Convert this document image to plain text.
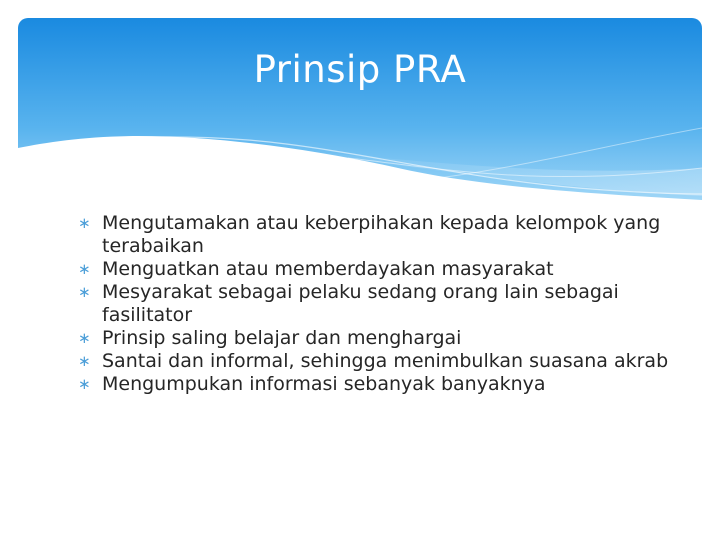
Prinsip PRA
∗ Mengutamakan atau keberpihakan kepada kelompok yang terabaikan
∗ Menguatkan atau memberdayakan masyarakat
∗ Mesyarakat sebagai pelaku sedang orang lain sebagai fasilitator
∗ Prinsip saling belajar dan menghargai
∗ Santai dan informal, sehingga menimbulkan suasana akrab
∗ Mengumpukan informasi sebanyak banyaknya
